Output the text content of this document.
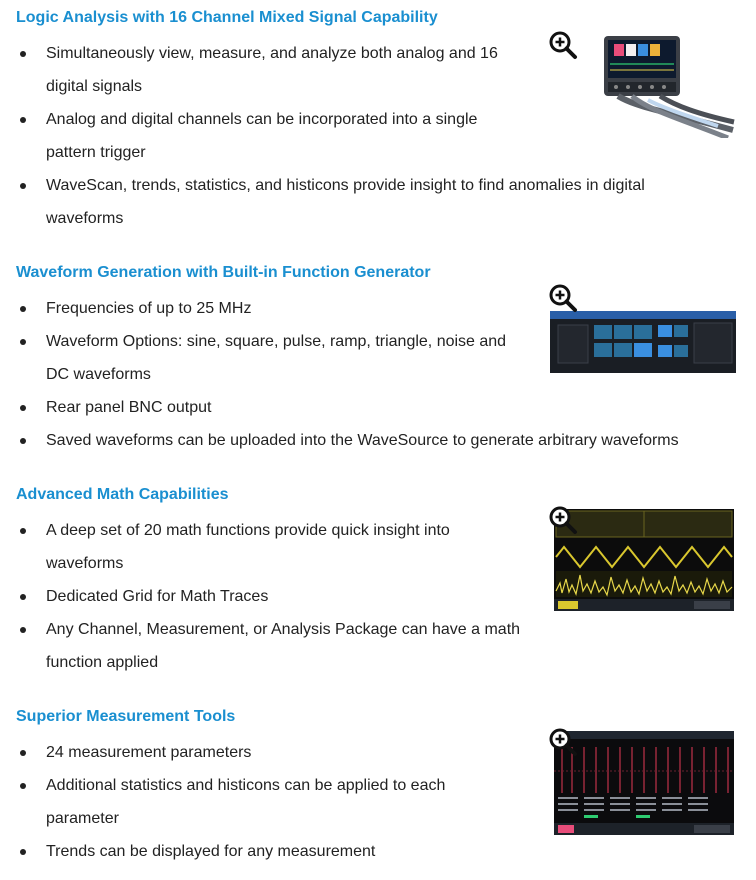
Logic Analysis with 16 Channel Mixed Signal Capability
Simultaneously view, measure, and analyze both analog and 16
digital signals
Analog and digital channels can be incorporated into a single
pattern trigger
WaveScan, trends, statistics, and histicons provide insight to find anomalies in digital
waveforms
Waveform Generation with Built-in Function Generator
Frequencies of up to 25 MHz
Waveform Options: sine, square, pulse, ramp, triangle, noise and
DC waveforms
Rear panel BNC output
Saved waveforms can be uploaded into the WaveSource to generate arbitrary waveforms
Advanced Math Capabilities
A deep set of 20 math functions provide quick insight into
waveforms
Dedicated Grid for Math Traces
Any Channel, Measurement, or Analysis Package can have a math
function applied
Superior Measurement Tools
24 measurement parameters
Additional statistics and histicons can be applied to each
parameter
Trends can be displayed for any measurement
